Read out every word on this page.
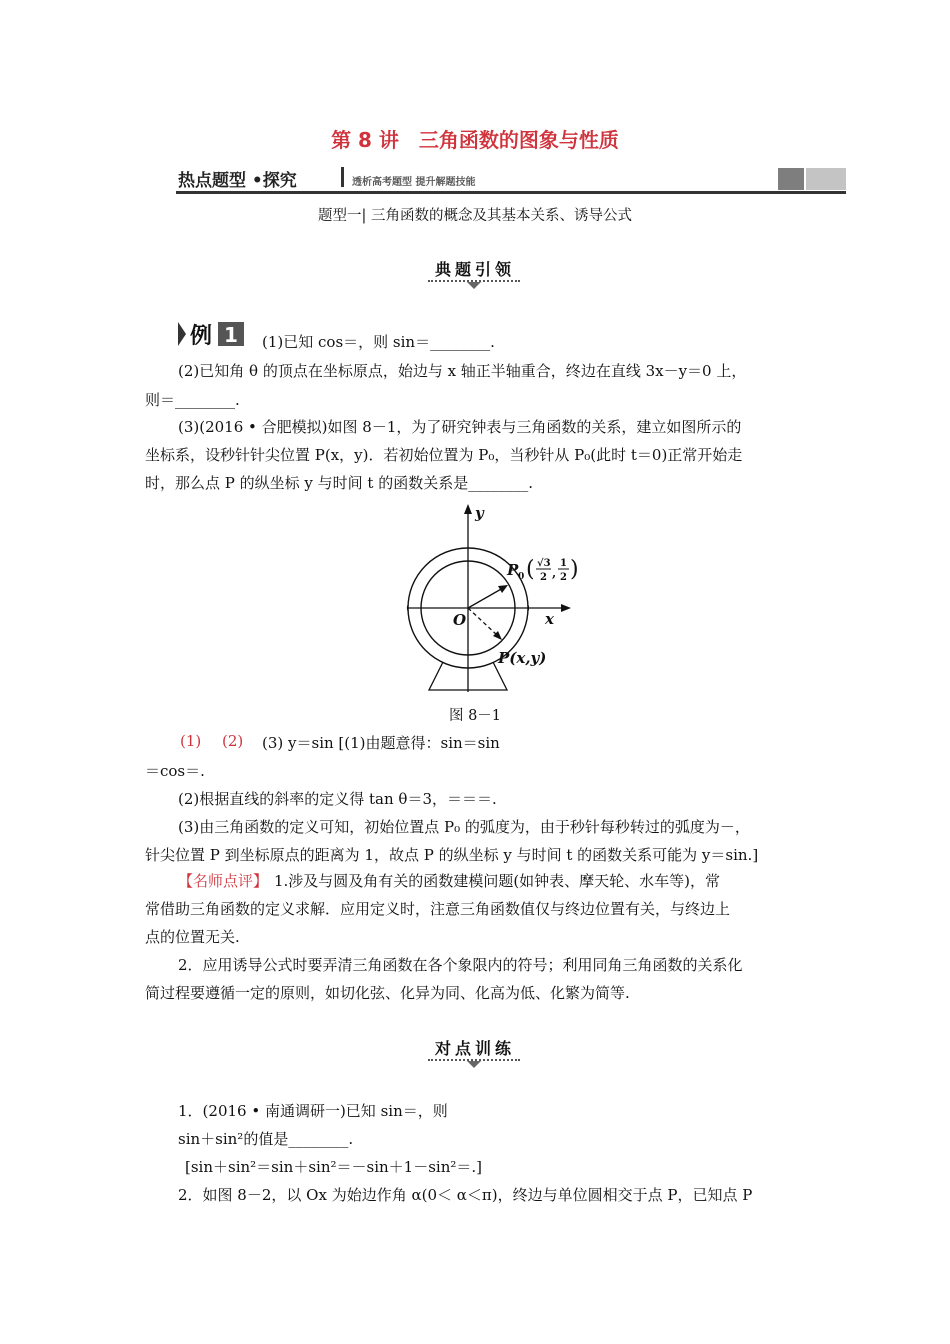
第 8 讲　三角函数的图象与性质
热点题型 •探究	透析高考题型 提升解题技能
题型一| 三角函数的概念及其基本关系、诱导公式
典题引领
例 1 (1)已知 cos＝，则 sin＝________.
(2)已知角 θ 的顶点在坐标原点，始边与 x 轴正半轴重合，终边在直线 3x－y＝0 上，
则＝________.
(3)(2016 • 合肥模拟)如图 8－1，为了研究钟表与三角函数的关系，建立如图所示的
坐标系，设秒针针尖位置 P(x，y)．若初始位置为 P₀，当秒针从 P₀(此时 t＝0)正常开始走
时，那么点 P 的纵坐标 y 与时间 t 的函数关系是________.
y
x
O
P 0 ( √3
2 ,
1
2 )
P(x,y)
图 8－1
(1) (2) (3) y＝sin [(1)由题意得：sin＝sin
＝cos＝.
(2)根据直线的斜率的定义得 tan θ＝3，＝＝＝.
(3)由三角函数的定义可知，初始位置点 P₀ 的弧度为，由于秒针每秒转过的弧度为－，
针尖位置 P 到坐标原点的距离为 1，故点 P 的纵坐标 y 与时间 t 的函数关系可能为 y＝sin.]
【名师点评】 1.涉及与圆及角有关的函数建模问题(如钟表、摩天轮、水车等)，常
常借助三角函数的定义求解．应用定义时，注意三角函数值仅与终边位置有关，与终边上
点的位置无关.
2．应用诱导公式时要弄清三角函数在各个象限内的符号；利用同角三角函数的关系化
简过程要遵循一定的原则，如切化弦、化异为同、化高为低、化繁为简等.
对点训练
1．(2016 • 南通调研一)已知 sin＝，则
sin＋sin²的值是________.
[sin＋sin²＝sin＋sin²＝－sin＋1－sin²＝.]
2．如图 8－2，以 Ox 为始边作角 α(0＜ α＜π)，终边与单位圆相交于点 P，已知点 P
